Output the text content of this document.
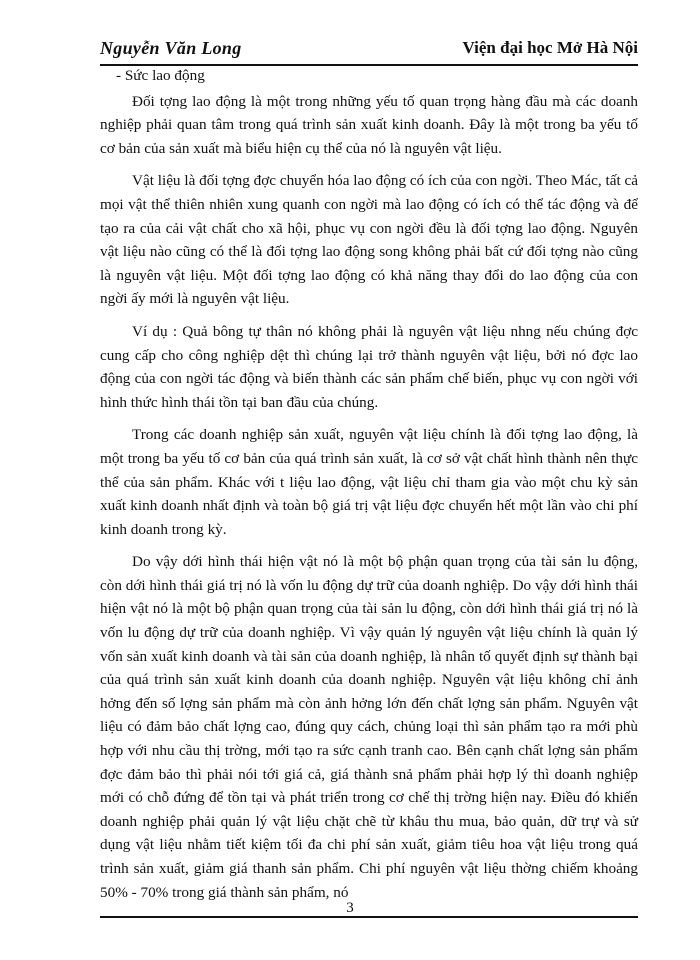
Nguyễn Văn Long	Viện đại học Mở Hà Nội

- Sức lao động

Đối tợng lao động là một trong những yếu tố quan trọng hàng đầu mà các doanh nghiệp phải quan tâm trong quá trình sản xuất kinh doanh. Đây là một trong ba yếu tố cơ bản của sản xuất mà biểu hiện cụ thể của nó là nguyên vật liệu.

Vật liệu là đối tợng đợc chuyển hóa lao động có ích của con ngời. Theo Mác, tất cả mọi vật thể thiên nhiên xung quanh con ngời mà lao động có ích có thể tác động và để tạo ra của cải vật chất cho xã hội, phục vụ con ngời đều là đối tợng lao động. Nguyên vật liệu nào cũng có thể là đối tợng lao động song không phải bất cứ đối tợng nào cũng là nguyên vật liệu. Một đối tợng lao động có khả năng thay đổi do lao động của con ngời ấy mới là nguyên vật liệu.

Ví dụ : Quả bông tự thân nó không phải là nguyên vật liệu nhng nếu chúng đợc cung cấp cho công nghiệp dệt thì chúng lại trở thành nguyên vật liệu, bởi nó đợc lao động của con ngời tác động và biến thành các sản phẩm chế biến, phục vụ con ngời với hình thức hình thái tồn tại ban đầu của chúng.

Trong các doanh nghiệp sản xuất, nguyên vật liệu chính là đối tợng lao động, là một trong ba yếu tố cơ bản của quá trình sản xuất, là cơ sở vật chất hình thành nên thực thể của sản phẩm. Khác với t liệu lao động, vật liệu chỉ tham gia vào một chu kỳ sản xuất kinh doanh nhất định và toàn bộ giá trị vật liệu đợc chuyển hết một lần vào chi phí kinh doanh trong kỳ.

Do vậy dới hình thái hiện vật nó là một bộ phận quan trọng của tài sản lu động, còn dới hình thái giá trị nó là vốn lu động dự trữ của doanh nghiệp. Do vậy dới hình thái hiện vật nó là một bộ phận quan trọng của tài sản lu động, còn dới hình thái giá trị nó là vốn lu động dự trữ của doanh nghiệp. Vì vậy quản lý nguyên vật liệu chính là quản lý vốn sản xuất kinh doanh và tài sản của doanh nghiệp, là nhân tố quyết định sự thành bại của quá trình sản xuất kinh doanh của doanh nghiệp. Nguyên vật liệu không chỉ ảnh hởng đến số lợng sản phẩm mà còn ảnh hởng lớn đến chất lợng sản phẩm. Nguyên vật liệu có đảm bảo chất lợng cao, đúng quy cách, chủng loại thì sản phẩm tạo ra mới phù hợp với nhu cầu thị trờng, mới tạo ra sức cạnh tranh cao. Bên cạnh chất lợng sản phẩm đợc đảm bảo thì phải nói tới giá cả, giá thành snả phẩm phải hợp lý thì doanh nghiệp mới có chỗ đứng để tồn tại và phát triển trong cơ chế thị trờng hiện nay. Điều đó khiến doanh nghiệp phải quản lý vật liệu chặt chẽ từ khâu thu mua, bảo quản, dữ trự và sử dụng vật liệu nhằm tiết kiệm tối đa chi phí sản xuất, giảm tiêu hoa vật liệu trong quá trình sản xuất, giảm giá thanh sản phẩm. Chi phí nguyên vật liệu thờng chiếm khoảng 50% - 70% trong giá thành sản phẩm, nó

3
